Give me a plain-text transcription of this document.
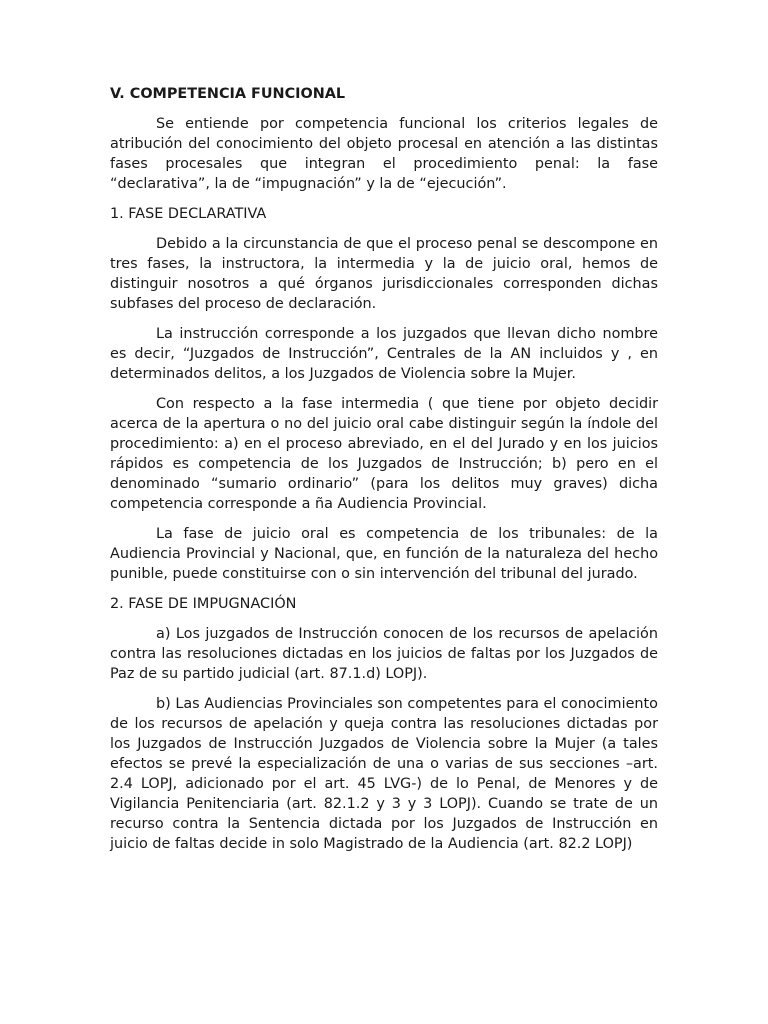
V. COMPETENCIA FUNCIONAL

Se entiende por competencia funcional los criterios legales de atribución del conocimiento del objeto procesal en atención a las distintas fases procesales que integran el procedimiento penal: la fase “declarativa”, la de “impugnación” y la de “ejecución”.

1. FASE DECLARATIVA

Debido a la circunstancia de que el proceso penal se descompone en tres fases, la instructora, la intermedia y la de juicio oral, hemos de distinguir nosotros a qué órganos jurisdiccionales corresponden dichas subfases del proceso de declaración.

La instrucción corresponde a los juzgados que llevan dicho nombre es decir, “Juzgados de Instrucción”, Centrales de la AN incluidos y , en determinados delitos, a los Juzgados de Violencia sobre la Mujer.

Con respecto a la fase intermedia ( que tiene por objeto decidir acerca de la apertura o no del juicio oral cabe distinguir según la índole del procedimiento: a) en el proceso abreviado, en el del Jurado y en los juicios rápidos es competencia de los Juzgados de Instrucción; b) pero en el denominado “sumario ordinario” (para los delitos muy graves) dicha competencia corresponde a ña Audiencia Provincial.

La fase de juicio oral es competencia de los tribunales: de la Audiencia Provincial y Nacional, que, en función de la naturaleza del hecho punible, puede constituirse con o sin intervención del tribunal del jurado.

2. FASE DE IMPUGNACIÓN

a) Los juzgados de Instrucción conocen de los recursos de apelación contra las resoluciones dictadas en los juicios de faltas por los Juzgados de Paz de su partido judicial (art. 87.1.d) LOPJ).

b) Las Audiencias Provinciales son competentes para el conocimiento de los recursos de apelación y queja contra las resoluciones dictadas por los Juzgados de Instrucción Juzgados de Violencia sobre la Mujer (a tales efectos se prevé la especialización de una o varias de sus secciones –art. 2.4 LOPJ, adicionado por el art. 45 LVG-) de lo Penal, de Menores y de Vigilancia Penitenciaria (art. 82.1.2 y 3 y 3 LOPJ). Cuando se trate de un recurso contra la Sentencia dictada por los Juzgados de Instrucción en juicio de faltas decide in solo Magistrado de la Audiencia (art. 82.2 LOPJ)
